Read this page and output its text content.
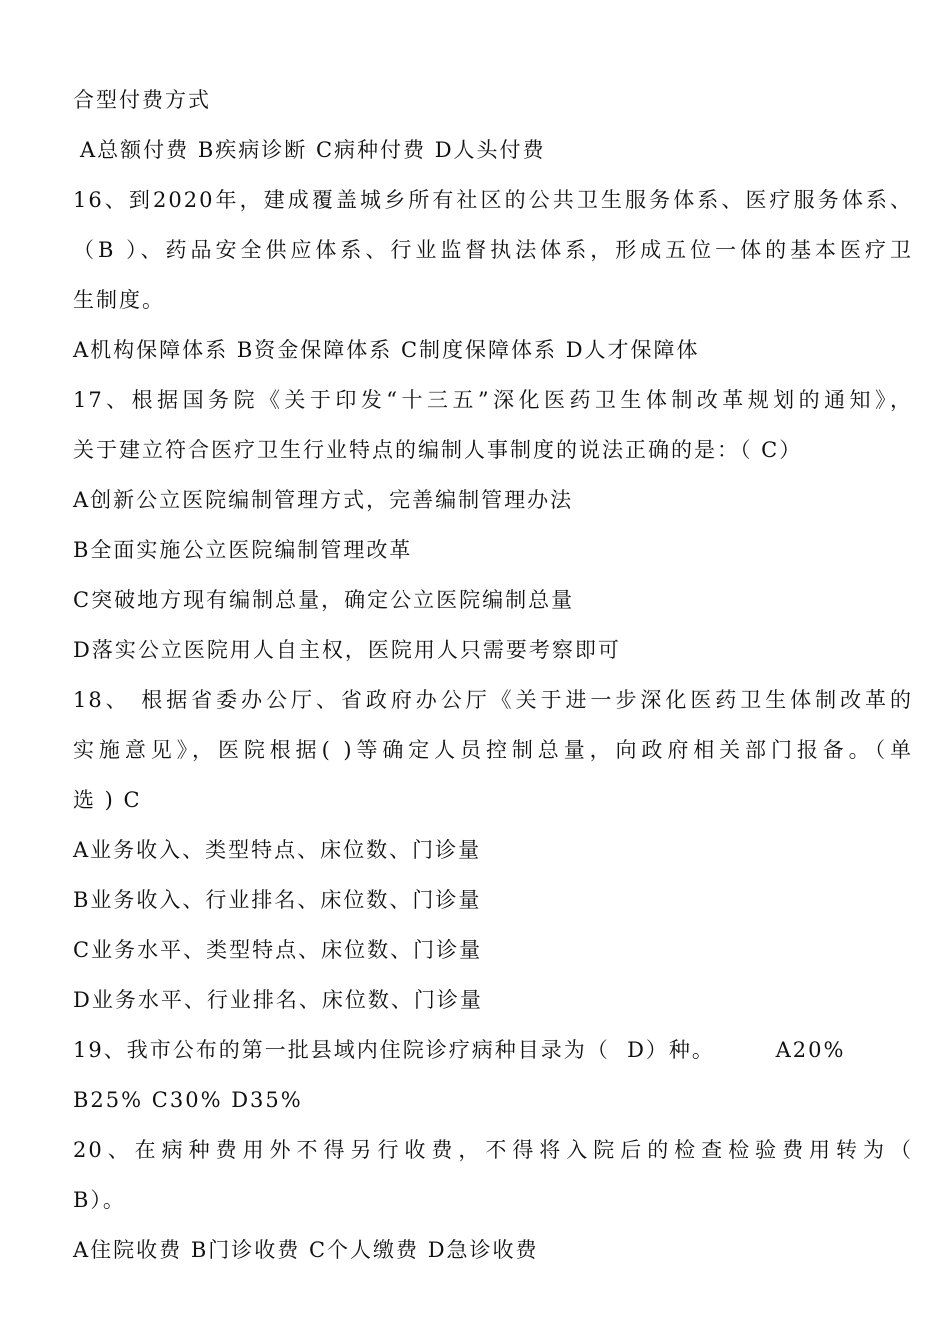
合型付费方式
A总额付费 B疾病诊断 C病种付费 D人头付费
16、到2020年，建成覆盖城乡所有社区的公共卫生服务体系、医疗服务体系、
（B ）、药品安全供应体系、行业监督执法体系，形成五位一体的基本医疗卫
生制度。
A机构保障体系 B资金保障体系 C制度保障体系 D人才保障体
17、根据国务院《关于印发“十三五”深化医药卫生体制改革规划的通知》，
关于建立符合医疗卫生行业特点的编制人事制度的说法正确的是：（ C）
A创新公立医院编制管理方式，完善编制管理办法
B全面实施公立医院编制管理改革
C突破地方现有编制总量，确定公立医院编制总量
D落实公立医院用人自主权，医院用人只需要考察即可
18、 根据省委办公厅、省政府办公厅《关于进一步深化医药卫生体制改革的
实施意见》，医院根据( )等确定人员控制总量，向政府相关部门报备。（单
选 ) C
A业务收入、类型特点、床位数、门诊量
B业务收入、行业排名、床位数、门诊量
C业务水平、类型特点、床位数、门诊量
D业务水平、行业排名、床位数、门诊量
19、我市公布的第一批县域内住院诊疗病种目录为（  D）种。       A20%
B25% C30% D35%
20、在病种费用外不得另行收费，不得将入院后的检查检验费用转为（
B）。
A住院收费 B门诊收费 C个人缴费 D急诊收费
